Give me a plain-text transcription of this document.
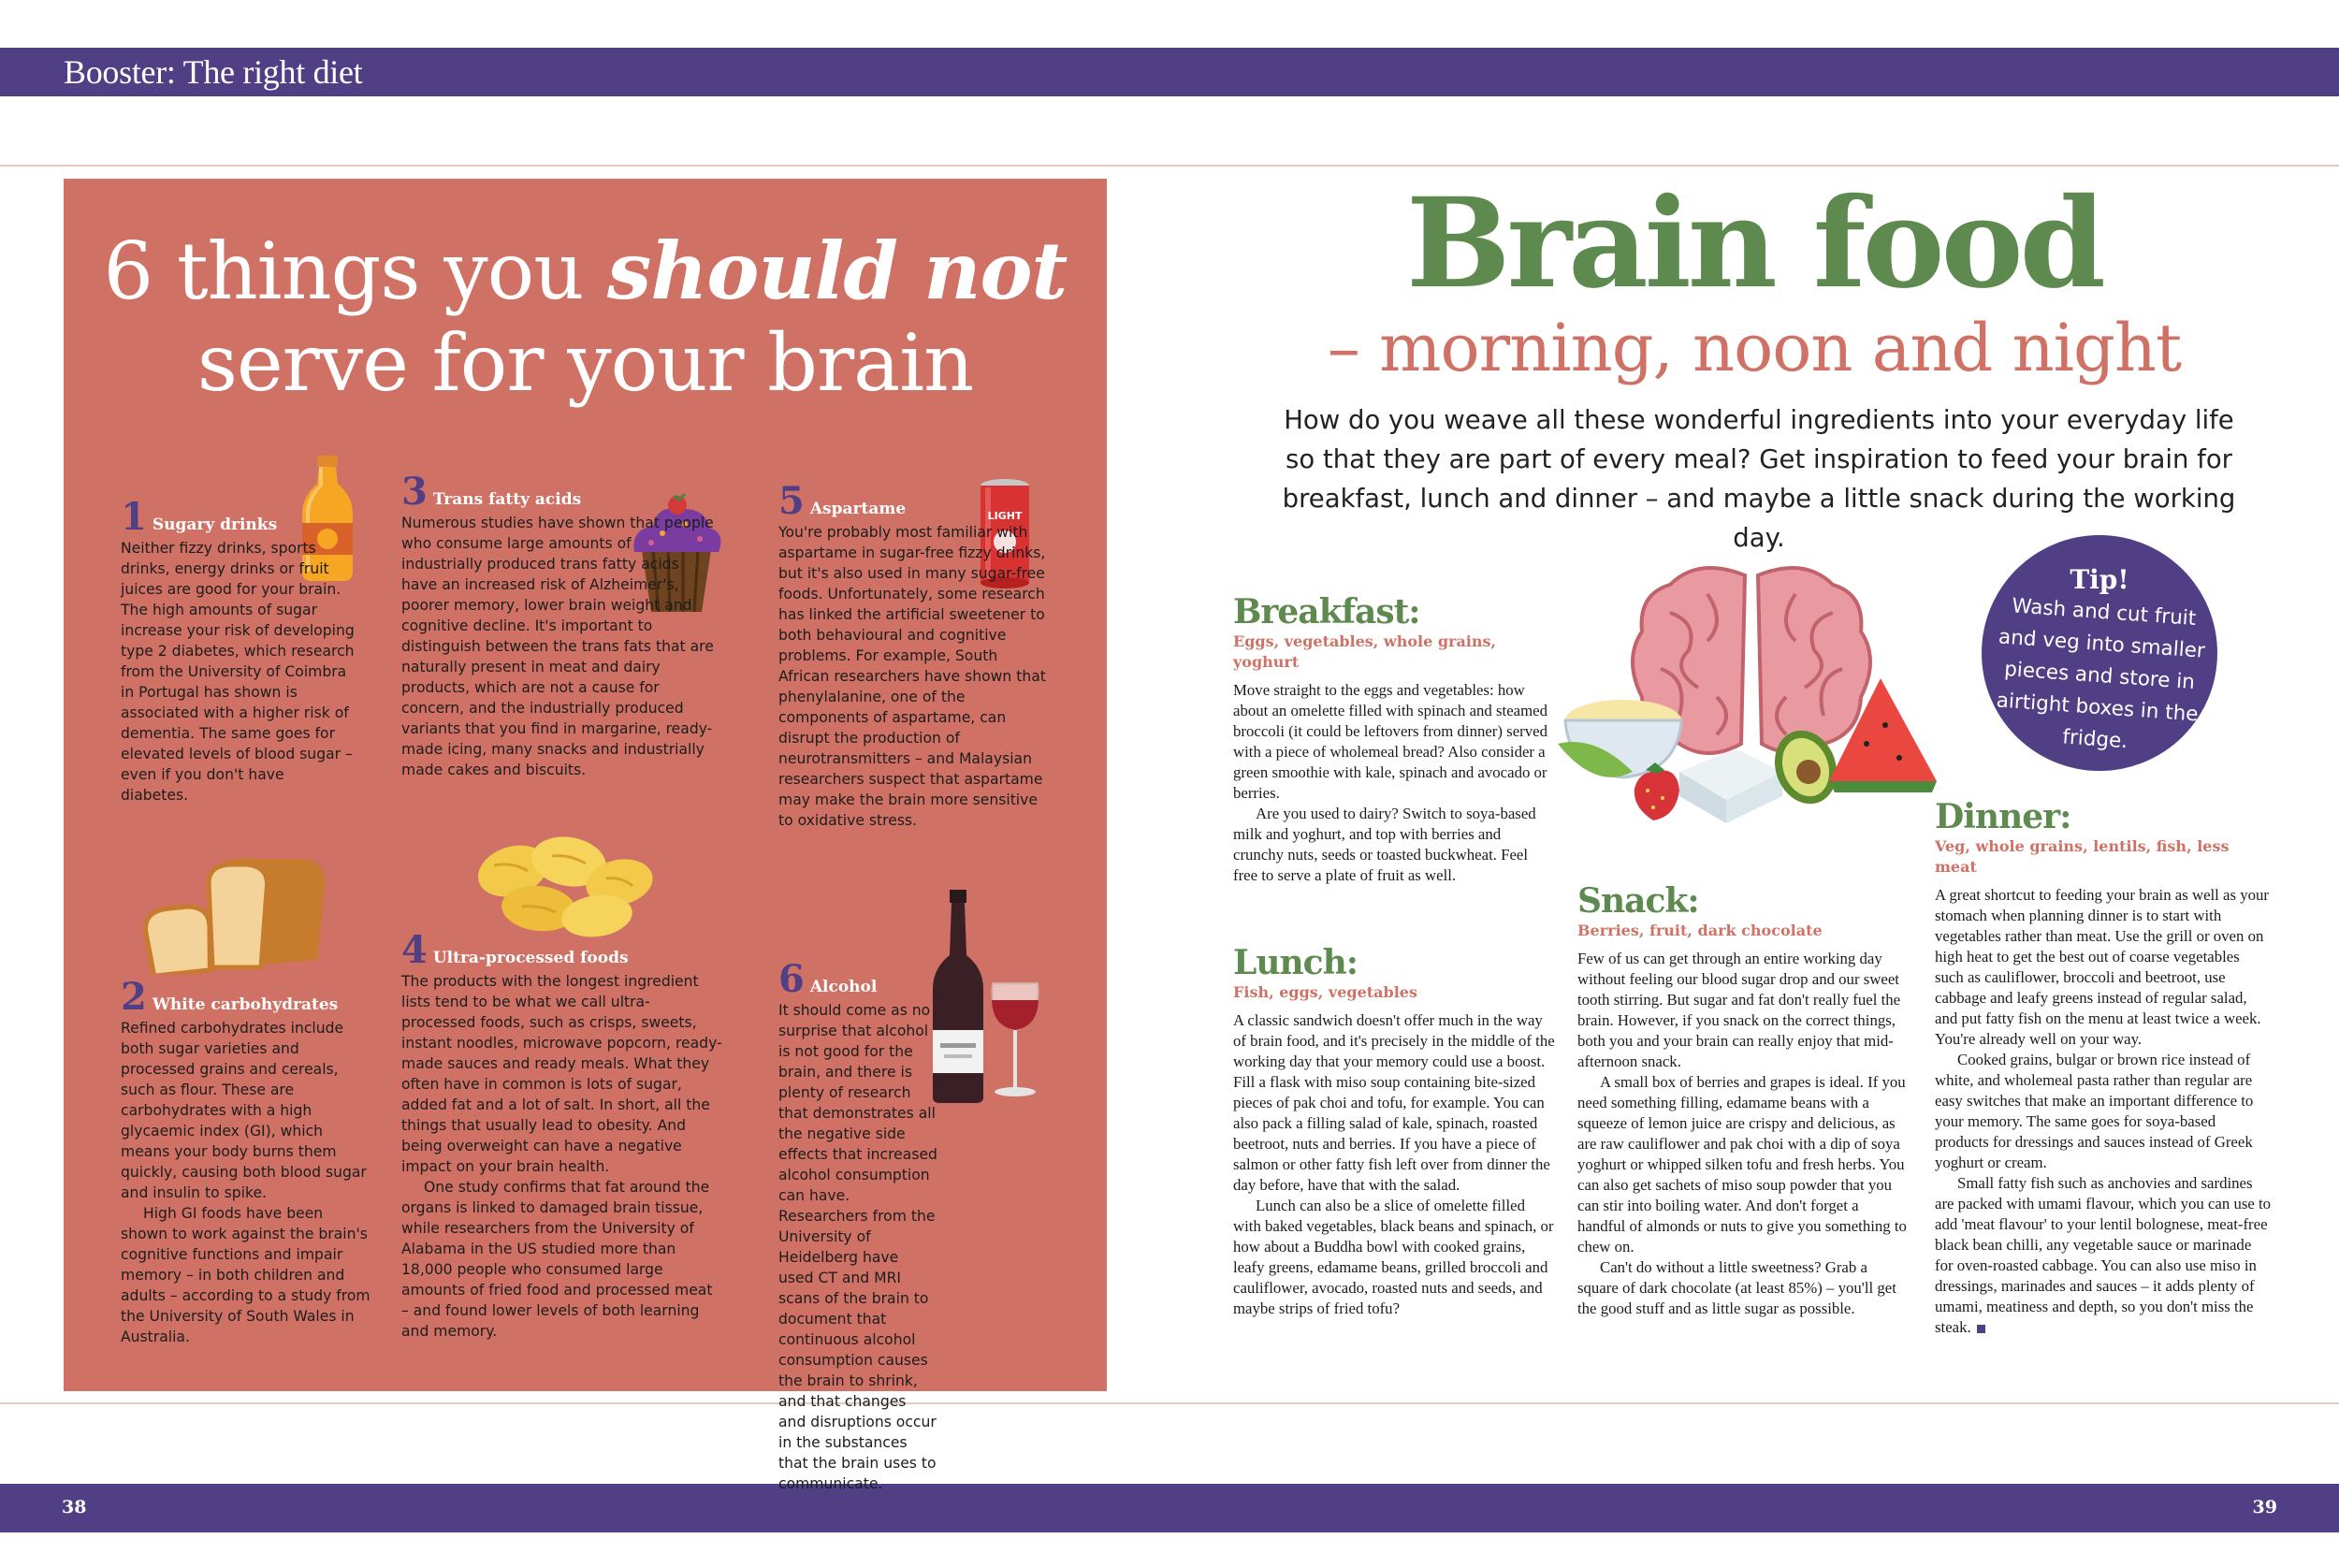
Booster: The right diet
38	39
6 things you should not
serve for your brain
LIGHT
1 Sugary drinks

Neither fizzy drinks, sports drinks, energy drinks or fruit juices are good for your brain. The high amounts of sugar increase your risk of developing type 2 diabetes, which research from the University of Coimbra in Portugal has shown is associated with a higher risk of dementia. The same goes for elevated levels of blood sugar – even if you don't have diabetes.

3 Trans fatty acids

Numerous studies have shown that people who consume large amounts of industrially produced trans fatty acids have an increased risk of Alzheimer's, poorer memory, lower brain weight and cognitive decline. It's important to distinguish between the trans fats that are naturally present in meat and dairy products, which are not a cause for concern, and the industrially produced variants that you find in margarine, ready-made icing, many snacks and industrially made cakes and biscuits.

5 Aspartame

You're probably most familiar with aspartame in sugar-free fizzy drinks, but it's also used in many sugar-free foods. Unfortunately, some research has linked the artificial sweetener to both behavioural and cognitive problems. For example, South African researchers have shown that phenylalanine, one of the components of aspartame, can disrupt the production of neurotransmitters – and Malaysian researchers suspect that aspartame may make the brain more sensitive to oxidative stress.

2 White carbohydrates

Refined carbohydrates include both sugar varieties and processed grains and cereals, such as flour. These are carbohydrates with a high glycaemic index (GI), which means your body burns them quickly, causing both blood sugar and insulin to spike.

High GI foods have been shown to work against the brain's cognitive functions and impair memory – in both children and adults – according to a study from the University of South Wales in Australia.

4 Ultra-processed foods

The products with the longest ingredient lists tend to be what we call ultra-processed foods, such as crisps, sweets, instant noodles, microwave popcorn, ready-made sauces and ready meals. What they often have in common is lots of sugar, added fat and a lot of salt. In short, all the things that usually lead to obesity. And being overweight can have a negative impact on your brain health.

One study confirms that fat around the organs is linked to damaged brain tissue, while researchers from the University of Alabama in the US studied more than 18,000 people who consumed large amounts of fried food and processed meat – and found lower levels of both learning and memory.

6 Alcohol

It should come as no surprise that alcohol is not good for the brain, and there is plenty of research that demonstrates all the negative side effects that increased alcohol consumption can have. Researchers from the University of Heidelberg have used CT and MRI scans of the brain to document that continuous alcohol consumption causes the brain to shrink, and that changes and disruptions occur in the substances that the brain uses to communicate.

Brain food
– morning, noon and night
How do you weave all these wonderful ingredients into your everyday life so that they are part of every meal? Get inspiration to feed your brain for breakfast, lunch and dinner – and maybe a little snack during the working day.
Tip!
Wash and cut fruit and veg into smaller pieces and store in airtight boxes in the fridge.
Breakfast:
Eggs, vegetables, whole grains, yoghurt

Move straight to the eggs and vegetables: how about an omelette filled with spinach and steamed broccoli (it could be leftovers from dinner) served with a piece of wholemeal bread? Also consider a green smoothie with kale, spinach and avocado or berries.

Are you used to dairy? Switch to soya-based milk and yoghurt, and top with berries and crunchy nuts, seeds or toasted buckwheat. Feel free to serve a plate of fruit as well.

Lunch:
Fish, eggs, vegetables

A classic sandwich doesn't offer much in the way of brain food, and it's precisely in the middle of the working day that your memory could use a boost. Fill a flask with miso soup containing bite-sized pieces of pak choi and tofu, for example. You can also pack a filling salad of kale, spinach, roasted beetroot, nuts and berries. If you have a piece of salmon or other fatty fish left over from dinner the day before, have that with the salad.

Lunch can also be a slice of omelette filled with baked vegetables, black beans and spinach, or how about a Buddha bowl with cooked grains, leafy greens, edamame beans, grilled broccoli and cauliflower, avocado, roasted nuts and seeds, and maybe strips of fried tofu?

Snack:
Berries, fruit, dark chocolate

Few of us can get through an entire working day without feeling our blood sugar drop and our sweet tooth stirring. But sugar and fat don't really fuel the brain. However, if you snack on the correct things, both you and your brain can really enjoy that mid-afternoon snack.

A small box of berries and grapes is ideal. If you need something filling, edamame beans with a squeeze of lemon juice are crispy and delicious, as are raw cauliflower and pak choi with a dip of soya yoghurt or whipped silken tofu and fresh herbs. You can also get sachets of miso soup powder that you can stir into boiling water. And don't forget a handful of almonds or nuts to give you something to chew on.

Can't do without a little sweetness? Grab a square of dark chocolate (at least 85%) – you'll get the good stuff and as little sugar as possible.

Dinner:
Veg, whole grains, lentils, fish, less meat

A great shortcut to feeding your brain as well as your stomach when planning dinner is to start with vegetables rather than meat. Use the grill or oven on high heat to get the best out of coarse vegetables such as cauliflower, broccoli and beetroot, use cabbage and leafy greens instead of regular salad, and put fatty fish on the menu at least twice a week. You're already well on your way.

Cooked grains, bulgar or brown rice instead of white, and wholemeal pasta rather than regular are easy switches that make an important difference to your memory. The same goes for soya-based products for dressings and sauces instead of Greek yoghurt or cream.

Small fatty fish such as anchovies and sardines are packed with umami flavour, which you can use to add 'meat flavour' to your lentil bolognese, meat-free black bean chilli, any vegetable sauce or marinade for oven-roasted cabbage. You can also use miso in dressings, marinades and sauces – it adds plenty of umami, meatiness and depth, so you don't miss the steak.
